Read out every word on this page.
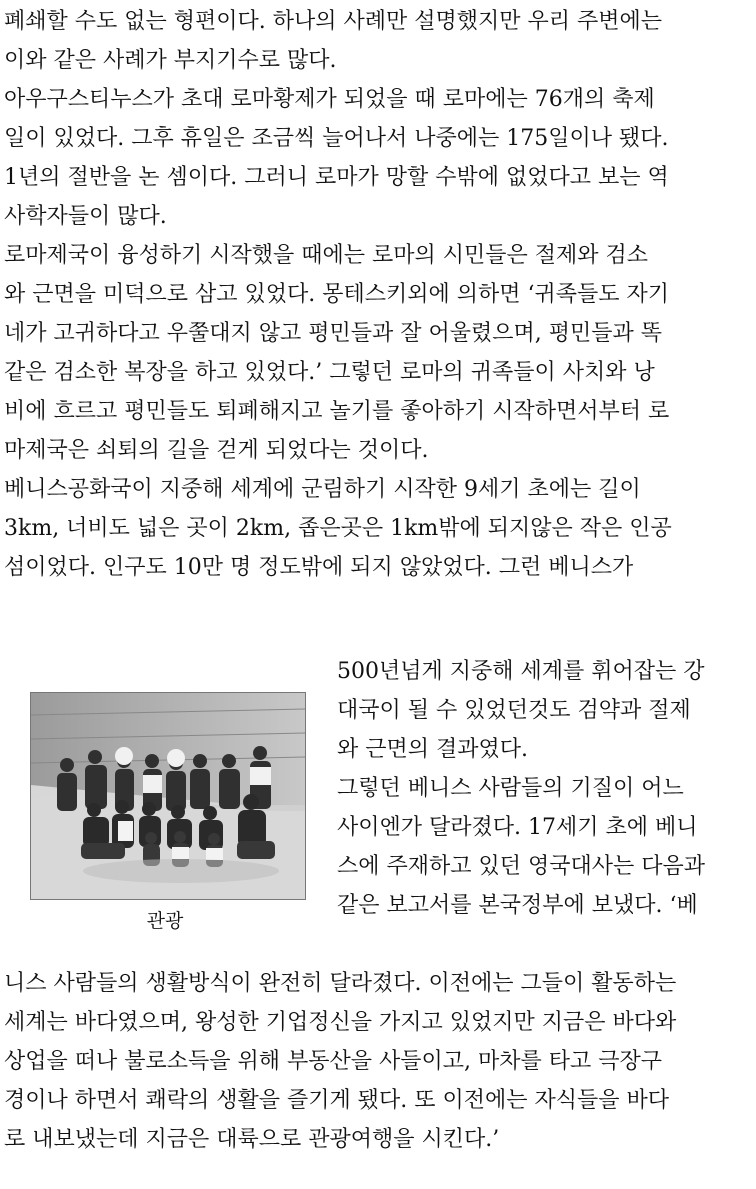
폐쇄할 수도 없는 형편이다. 하나의 사례만 설명했지만 우리 주변에는
이와 같은 사례가 부지기수로 많다.
아우구스티누스가 초대 로마황제가 되었을 때 로마에는 76개의 축제
일이 있었다. 그후 휴일은 조금씩 늘어나서 나중에는 175일이나 됐다.
1년의 절반을 논 셈이다. 그러니 로마가 망할 수밖에 없었다고 보는 역
사학자들이 많다.
로마제국이 융성하기 시작했을 때에는 로마의 시민들은 절제와 검소
와 근면을 미덕으로 삼고 있었다. 몽테스키외에 의하면 ‘귀족들도 자기
네가 고귀하다고 우쭐대지 않고 평민들과 잘 어울렸으며, 평민들과 똑
같은 검소한 복장을 하고 있었다.’ 그렇던 로마의 귀족들이 사치와 낭
비에 흐르고 평민들도 퇴폐해지고 놀기를 좋아하기 시작하면서부터 로
마제국은 쇠퇴의 길을 걷게 되었다는 것이다.
베니스공화국이 지중해 세계에 군림하기 시작한 9세기 초에는 길이
3km, 너비도 넓은 곳이 2km, 좁은곳은 1km밖에 되지않은 작은 인공
섬이었다. 인구도 10만 명 정도밖에 되지 않았었다. 그런 베니스가
관광
500년넘게 지중해 세계를 휘어잡는 강
대국이 될 수 있었던것도 검약과 절제
와 근면의 결과였다.
그렇던 베니스 사람들의 기질이 어느
사이엔가 달라졌다. 17세기 초에 베니
스에 주재하고 있던 영국대사는 다음과
같은 보고서를 본국정부에 보냈다. ‘베
니스 사람들의 생활방식이 완전히 달라졌다. 이전에는 그들이 활동하는
세계는 바다였으며, 왕성한 기업정신을 가지고 있었지만 지금은 바다와
상업을 떠나 불로소득을 위해 부동산을 사들이고, 마차를 타고 극장구
경이나 하면서 쾌락의 생활을 즐기게 됐다. 또 이전에는 자식들을 바다
로 내보냈는데 지금은 대륙으로 관광여행을 시킨다.’
